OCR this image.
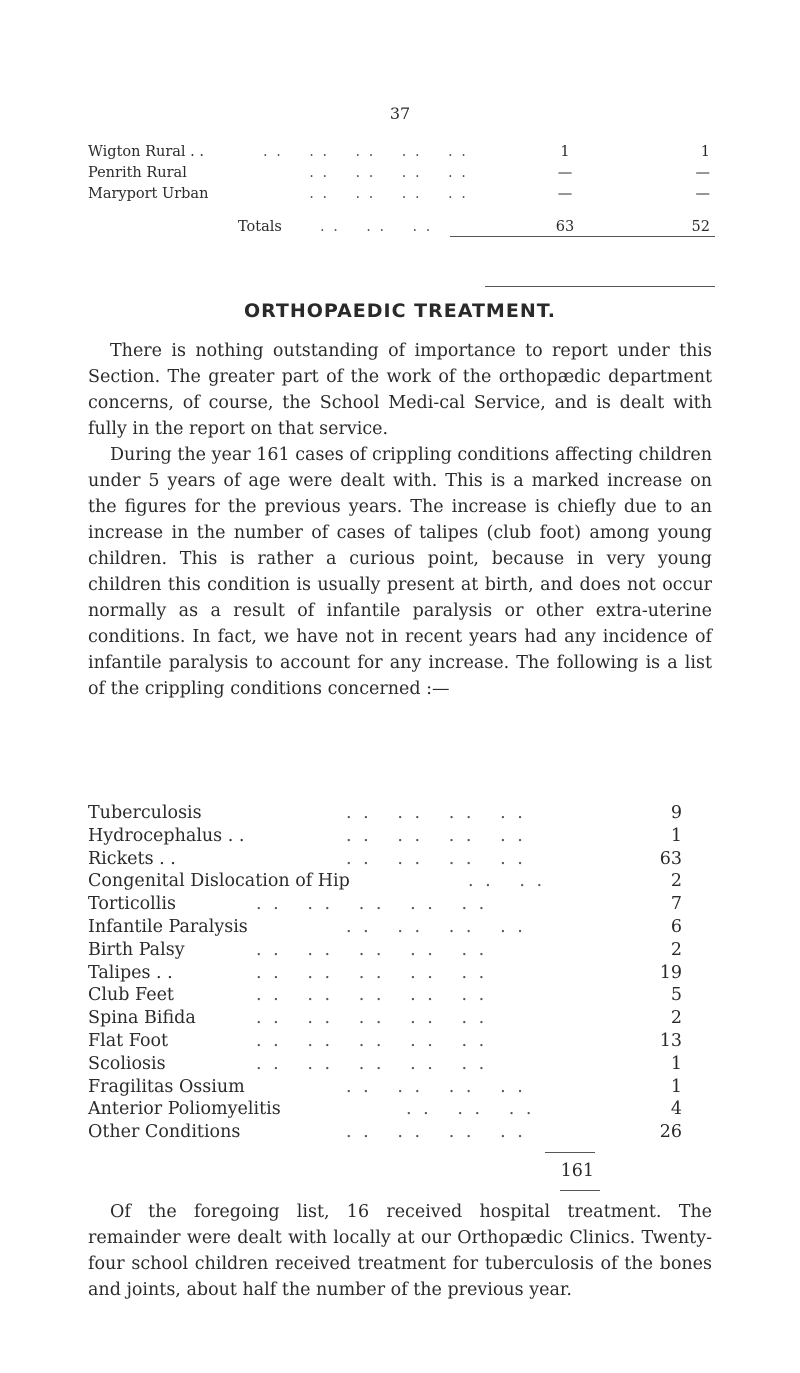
37
Wigton Rural . .	. .    . .    . .    . .    . .	1	1
Penrith Rural	. .    . .    . .    . .	—	—
Maryport Urban	. .    . .    . .    . .	—	—
Totals	. .    . .    . .	63	52
ORTHOPAEDIC TREATMENT.

There is nothing outstanding of importance to report under this Section. The greater part of the work of the orthopædic department concerns, of course, the School Medi-cal Service, and is dealt with fully in the report on that service.

During the year 161 cases of crippling conditions affecting children under 5 years of age were dealt with. This is a marked increase on the figures for the previous years. The increase is chiefly due to an increase in the number of cases of talipes (club foot) among young children. This is rather a curious point, because in very young children this condition is usually present at birth, and does not occur normally as a result of infantile paralysis or other extra-uterine conditions. In fact, we have not in recent years had any incidence of infantile paralysis to account for any increase. The following is a list of the crippling conditions concerned :—

Tuberculosis	. .   . .   . .   . .	9
Hydrocephalus . .	. .   . .   . .   . .	1
Rickets . .	. .   . .   . .   . .	63
Congenital Dislocation of Hip	. .   . .	2
Torticollis	. .   . .   . .   . .   . .	7
Infantile Paralysis	. .   . .   . .   . .	6
Birth Palsy	. .   . .   . .   . .   . .	2
Talipes . .	. .   . .   . .   . .   . .	19
Club Feet	. .   . .   . .   . .   . .	5
Spina Bifida	. .   . .   . .   . .   . .	2
Flat Foot	. .   . .   . .   . .   . .	13
Scoliosis	. .   . .   . .   . .   . .	1
Fragilitas Ossium	. .   . .   . .   . .	1
Anterior Poliomyelitis	. .   . .   . .	4
Other Conditions	. .   . .   . .   . .	26
161

Of the foregoing list, 16 received hospital treatment. The remainder were dealt with locally at our Orthopædic Clinics. Twenty-four school children received treatment for tuberculosis of the bones and joints, about half the number of the previous year.
